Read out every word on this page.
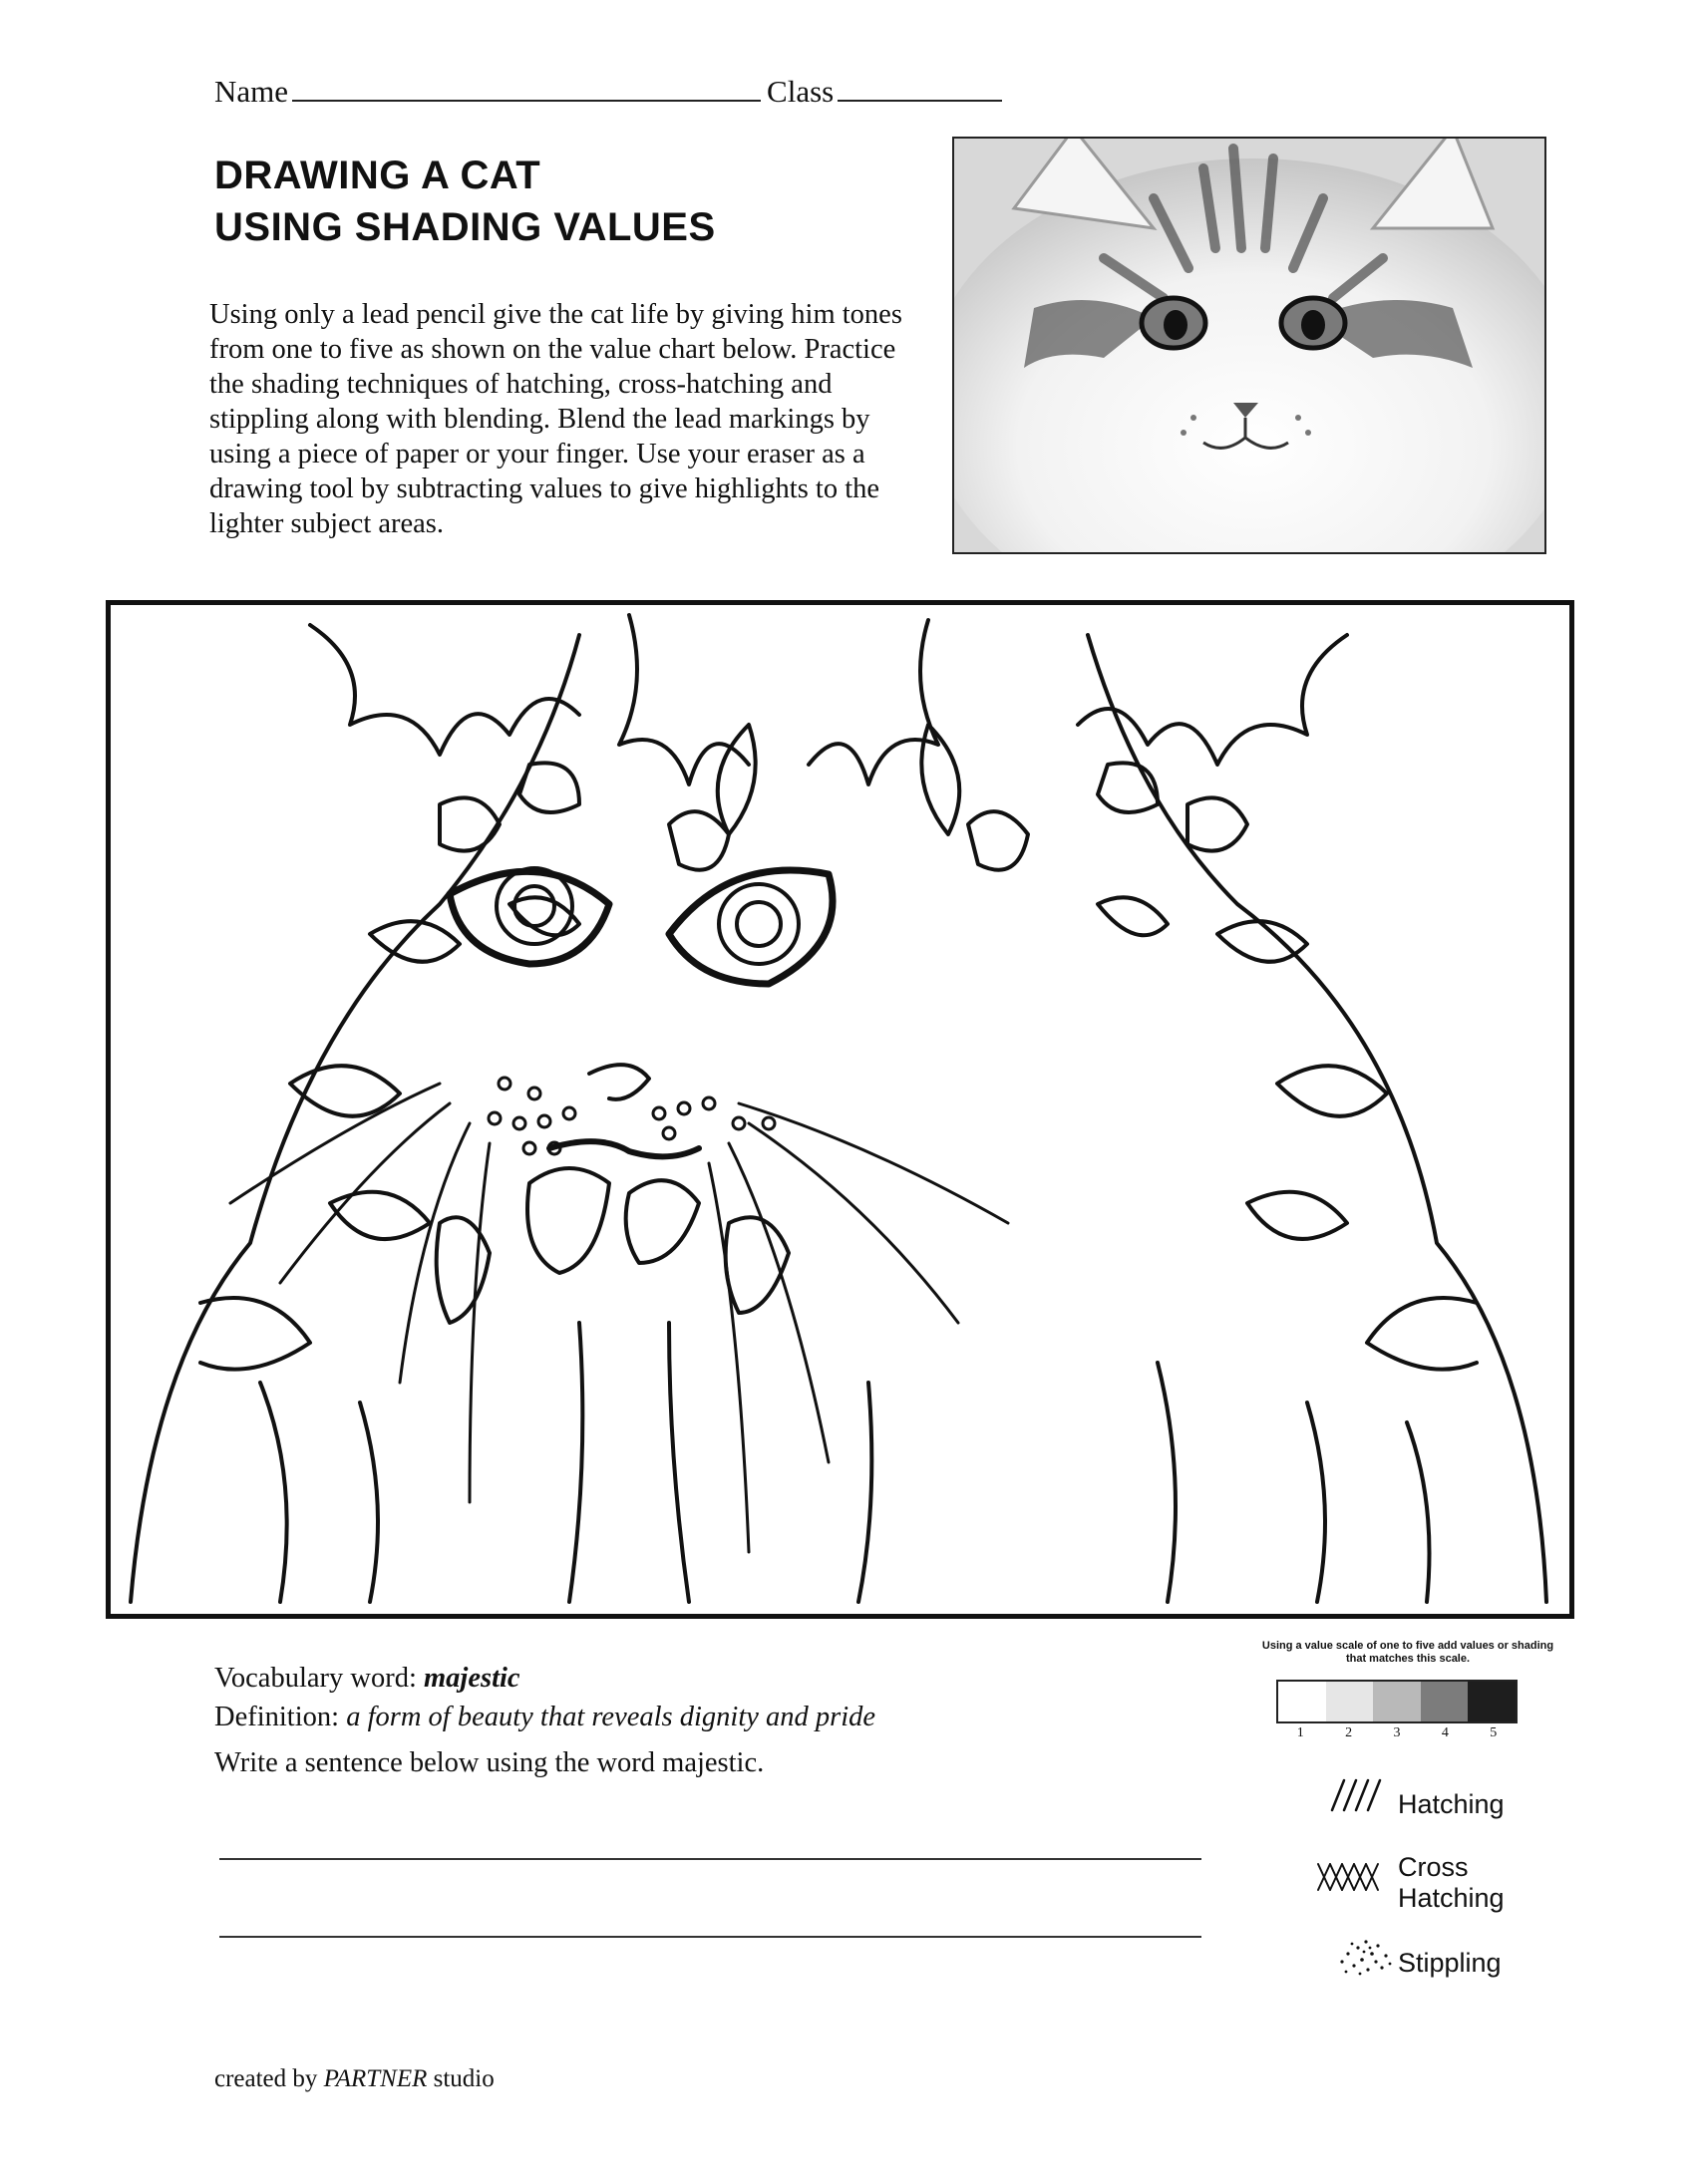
Name	Class
DRAWING A CAT
USING SHADING VALUES

Using only a lead pencil give the cat life by giving him tones from one to five as shown on the value chart below. Practice the shading techniques of hatching, cross-hatching and stippling along with blending. Blend the lead markings by using a piece of paper or your finger. Use your eraser as a drawing tool by subtracting values to give highlights to the lighter subject areas.

Vocabulary word: majestic
Definition: a form of beauty that reveals dignity and pride
Write a sentence below using the word majestic.
Using a value scale of one to five add values or shading that matches this scale.
1	2	3	4	5
Hatching
Cross
Hatching
Stippling
created by PARTNER studio
